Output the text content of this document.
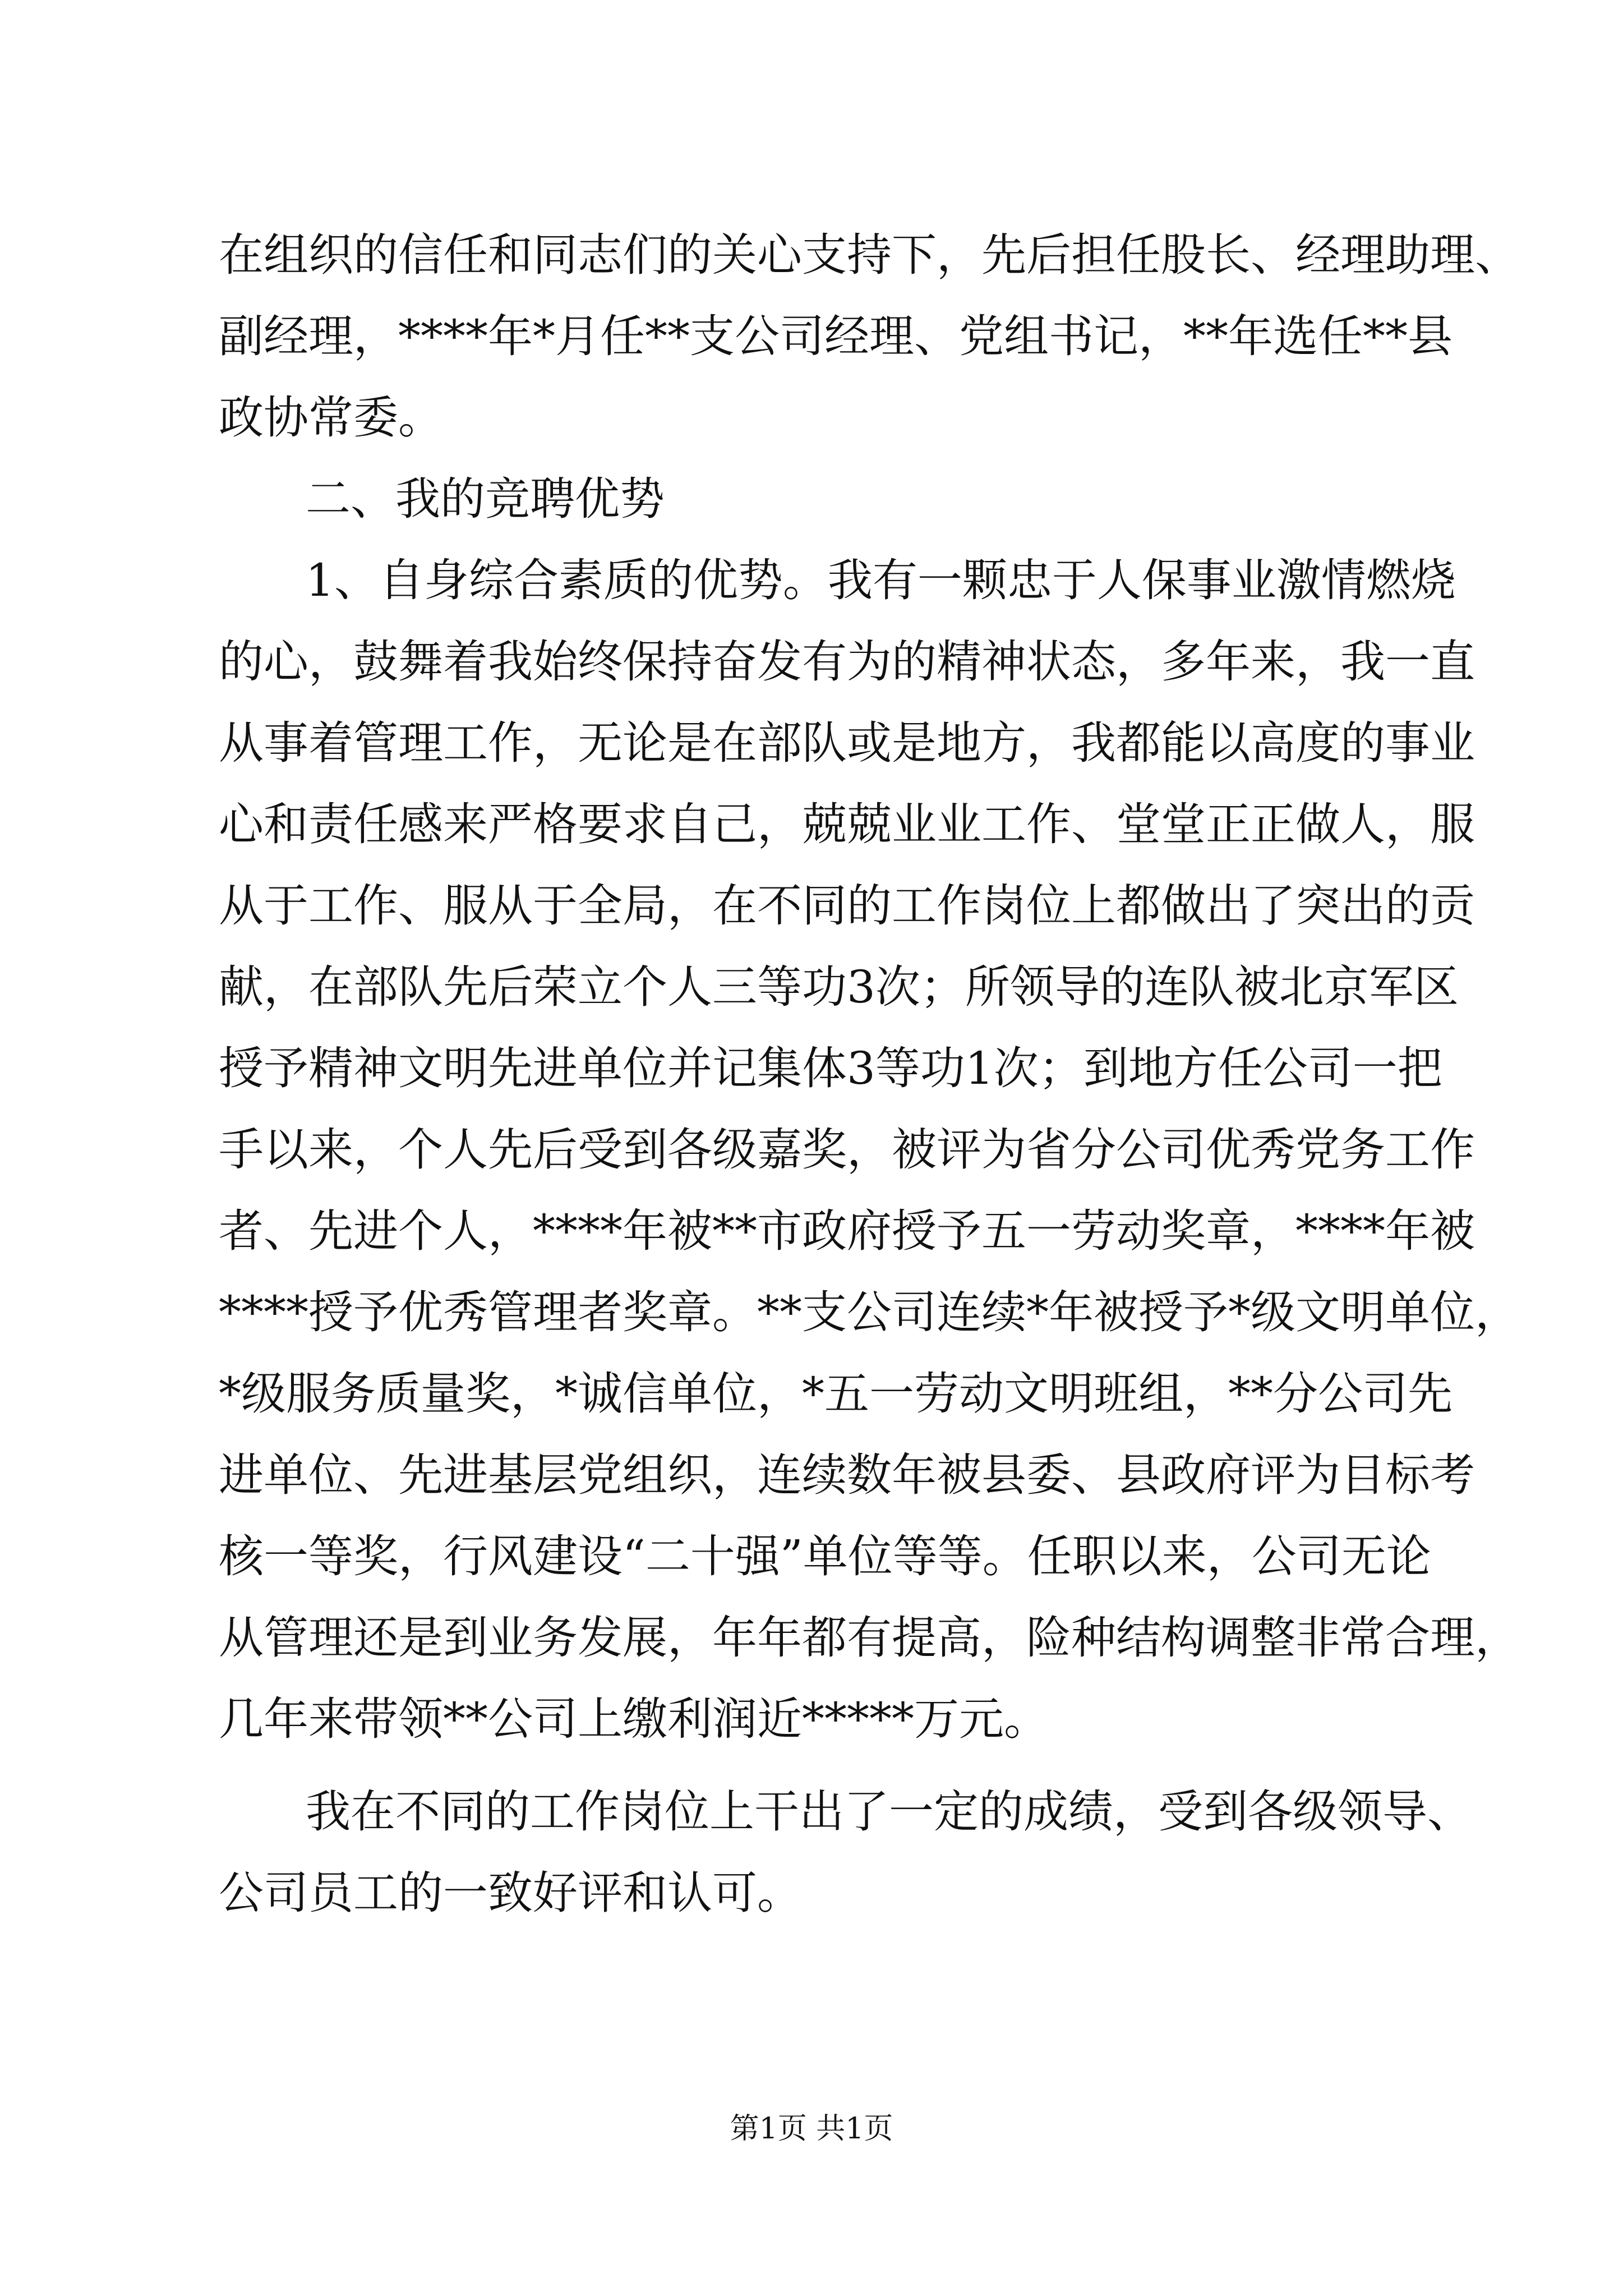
在组织的信任和同志们的关心支持下，先后担任股长、经理助理、
副经理，****年*月任**支公司经理、党组书记，**年选任**县
政协常委。
二、我的竞聘优势
1、自身综合素质的优势。我有一颗忠于人保事业激情燃烧
的心，鼓舞着我始终保持奋发有为的精神状态，多年来，我一直
从事着管理工作，无论是在部队或是地方，我都能以高度的事业
心和责任感来严格要求自己，兢兢业业工作、堂堂正正做人，服
从于工作、服从于全局，在不同的工作岗位上都做出了突出的贡
献，在部队先后荣立个人三等功3次；所领导的连队被北京军区
授予精神文明先进单位并记集体3等功1次；到地方任公司一把
手以来，个人先后受到各级嘉奖，被评为省分公司优秀党务工作
者、先进个人，****年被**市政府授予五一劳动奖章，****年被
****授予优秀管理者奖章。**支公司连续*年被授予*级文明单位，
*级服务质量奖，*诚信单位，*五一劳动文明班组，**分公司先
进单位、先进基层党组织，连续数年被县委、县政府评为目标考
核一等奖，行风建设“二十强”单位等等。任职以来，公司无论
从管理还是到业务发展，年年都有提高，险种结构调整非常合理，
几年来带领**公司上缴利润近*****万元。
我在不同的工作岗位上干出了一定的成绩，受到各级领导、
公司员工的一致好评和认可。
第1页 共1页
